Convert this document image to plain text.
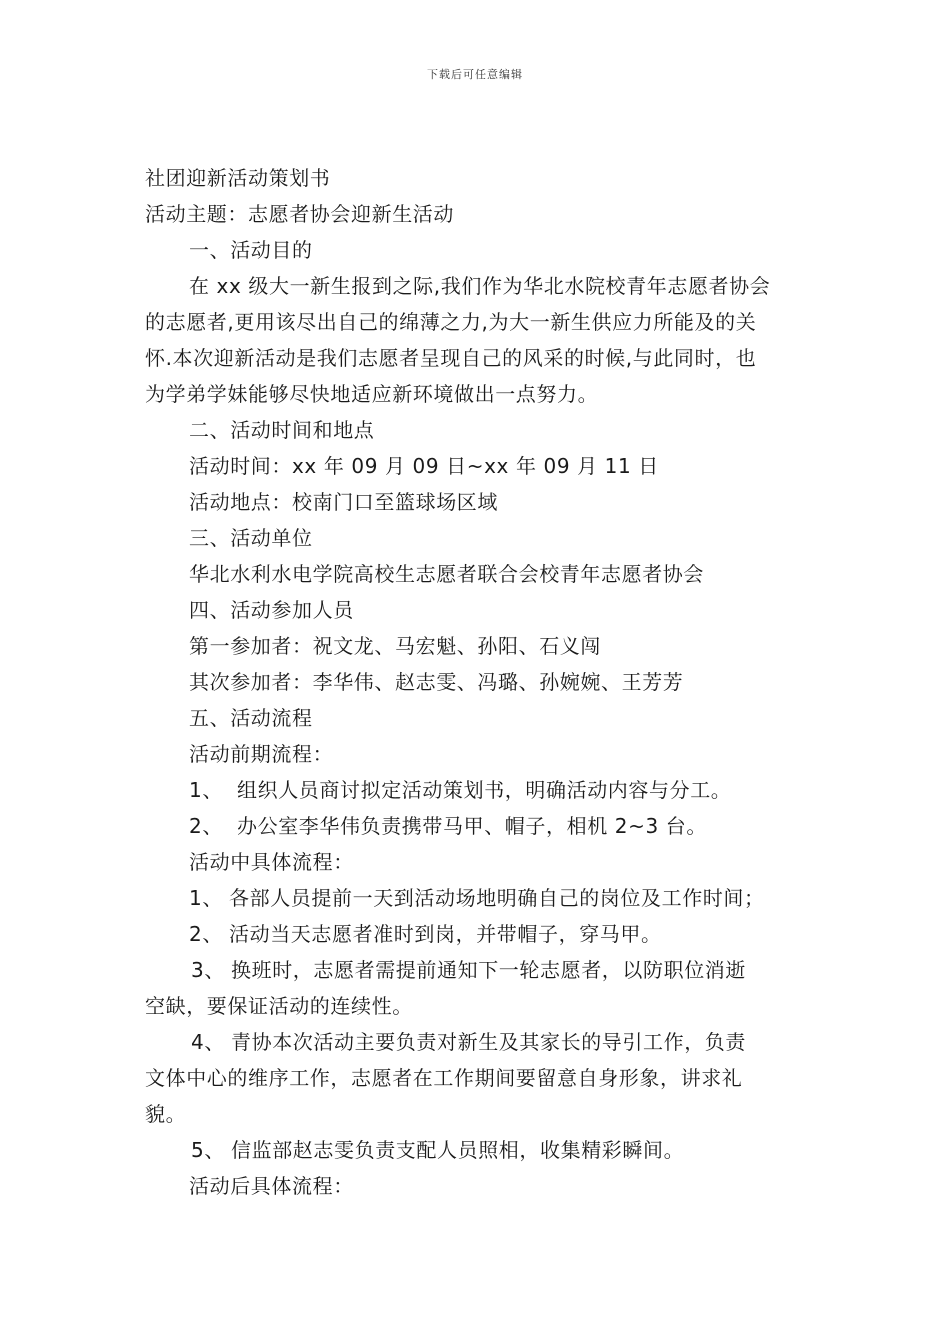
下载后可任意编辑
社团迎新活动策划书
活动主题：志愿者协会迎新生活动
一、活动目的
在 xx 级大一新生报到之际,我们作为华北水院校青年志愿者协会
的志愿者,更用该尽出自己的绵薄之力,为大一新生供应力所能及的关
怀.本次迎新活动是我们志愿者呈现自己的风采的时候,与此同时，也
为学弟学妹能够尽快地适应新环境做出一点努力。
二、活动时间和地点
活动时间：xx 年 09 月 09 日~xx 年 09 月 11 日
活动地点：校南门口至篮球场区域
三、活动单位
华北水利水电学院高校生志愿者联合会校青年志愿者协会
四、活动参加人员
第一参加者：祝文龙、马宏魁、孙阳、石义闯
其次参加者：李华伟、赵志雯、冯璐、孙婉婉、王芳芳
五、活动流程
活动前期流程：
1、 组织人员商讨拟定活动策划书，明确活动内容与分工。
2、 办公室李华伟负责携带马甲、帽子，相机 2~3 台。
活动中具体流程：
1、 各部人员提前一天到活动场地明确自己的岗位及工作时间；
2、 活动当天志愿者准时到岗，并带帽子，穿马甲。
3、 换班时，志愿者需提前通知下一轮志愿者，以防职位消逝
空缺，要保证活动的连续性。
4、 青协本次活动主要负责对新生及其家长的导引工作，负责
文体中心的维序工作，志愿者在工作期间要留意自身形象，讲求礼
貌。
5、 信监部赵志雯负责支配人员照相，收集精彩瞬间。
活动后具体流程：
